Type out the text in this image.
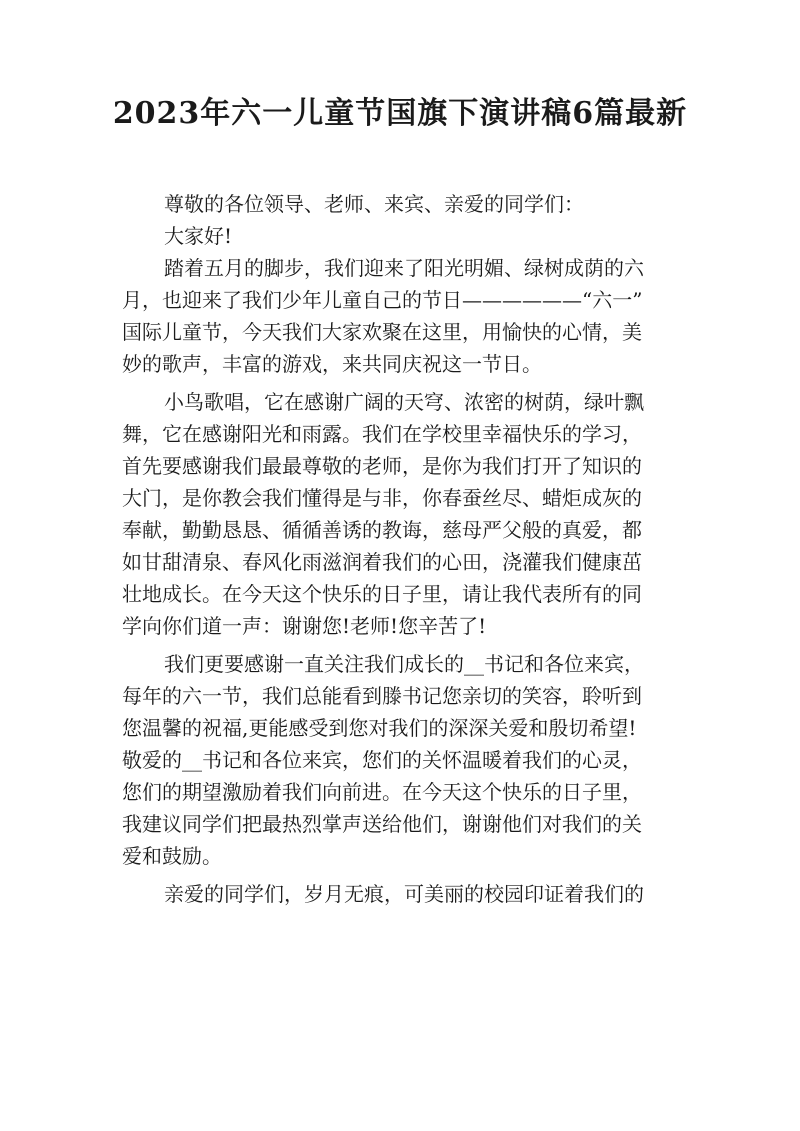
2023年六一儿童节国旗下演讲稿6篇最新
尊敬的各位领导、老师、来宾、亲爱的同学们：
大家好!
踏着五月的脚步，我们迎来了阳光明媚、绿树成荫的六
月，也迎来了我们少年儿童自己的节日——————“六一”
国际儿童节，今天我们大家欢聚在这里，用愉快的心情，美
妙的歌声，丰富的游戏，来共同庆祝这一节日。
小鸟歌唱，它在感谢广阔的天穹、浓密的树荫，绿叶飘
舞，它在感谢阳光和雨露。我们在学校里幸福快乐的学习，
首先要感谢我们最最尊敬的老师，是你为我们打开了知识的
大门，是你教会我们懂得是与非，你春蚕丝尽、蜡炬成灰的
奉献，勤勤恳恳、循循善诱的教诲，慈母严父般的真爱，都
如甘甜清泉、春风化雨滋润着我们的心田，浇灌我们健康茁
壮地成长。在今天这个快乐的日子里，请让我代表所有的同
学向你们道一声：谢谢您!老师!您辛苦了!
我们更要感谢一直关注我们成长的__书记和各位来宾，
每年的六一节，我们总能看到滕书记您亲切的笑容，聆听到
您温馨的祝福,更能感受到您对我们的深深关爱和殷切希望!
敬爱的__书记和各位来宾，您们的关怀温暖着我们的心灵，
您们的期望激励着我们向前进。在今天这个快乐的日子里，
我建议同学们把最热烈掌声送给他们，谢谢他们对我们的关
爱和鼓励。
亲爱的同学们，岁月无痕，可美丽的校园印证着我们的
